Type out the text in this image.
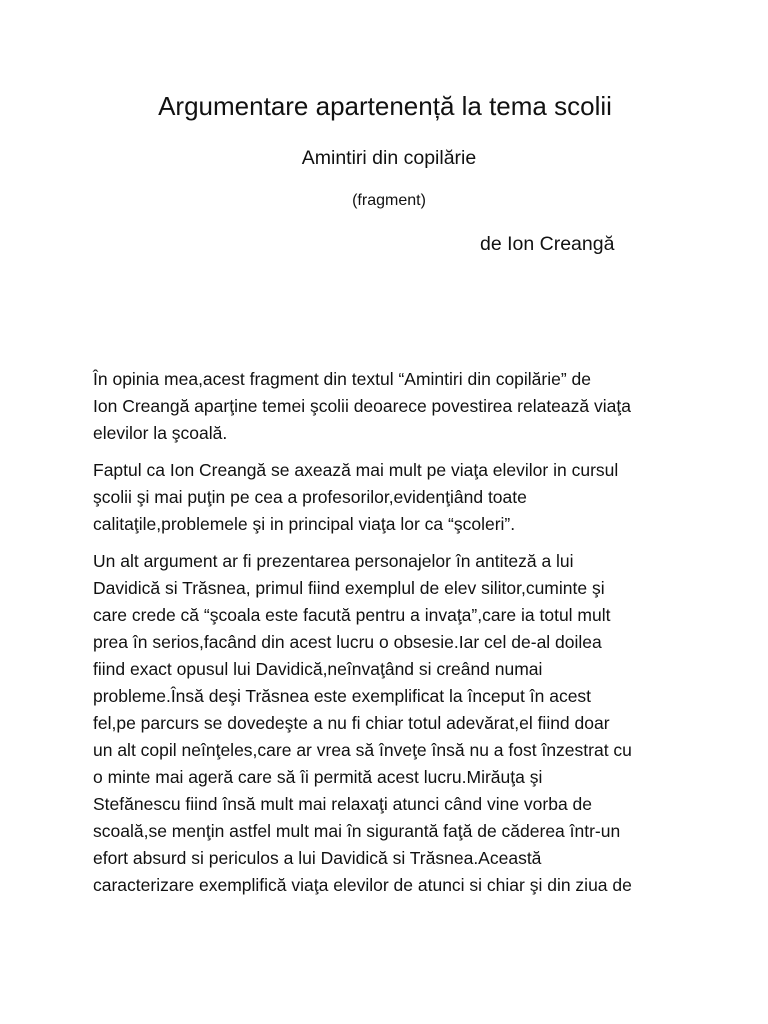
Argumentare apartenență la tema scolii
Amintiri din copilărie
(fragment)
de Ion Creangă
În opinia mea,acest fragment din textul “Amintiri din copilărie” de
Ion Creangă aparţine temei şcolii deoarece povestirea relatează viaţa
elevilor la şcoală.
Faptul ca Ion Creangă se axează mai mult pe viaţa elevilor in cursul
şcolii şi mai puţin pe cea a profesorilor,evidenţiând toate
calitaţile,problemele şi in principal viaţa lor ca “şcoleri”.
Un alt argument ar fi prezentarea personajelor în antiteză a lui
Davidică si Trăsnea, primul fiind exemplul de elev silitor,cuminte şi
care crede că “şcoala este facută pentru a invaţa”,care ia totul mult
prea în serios,facând din acest lucru o obsesie.Iar cel de-al doilea
fiind exact opusul lui Davidică,neînvaţând si creând numai
probleme.Însă deşi Trăsnea este exemplificat la început în acest
fel,pe parcurs se dovedeşte a nu fi chiar totul adevărat,el fiind doar
un alt copil neînţeles,care ar vrea să înveţe însă nu a fost înzestrat cu
o minte mai ageră care să îi permită acest lucru.Mirăuţa şi
Stefănescu fiind însă mult mai relaxaţi atunci când vine vorba de
scoală,se menţin astfel mult mai în sigurantă faţă de căderea într-un
efort absurd si periculos a lui Davidică si Trăsnea.Această
caracterizare exemplifică viaţa elevilor de atunci si chiar şi din ziua de
